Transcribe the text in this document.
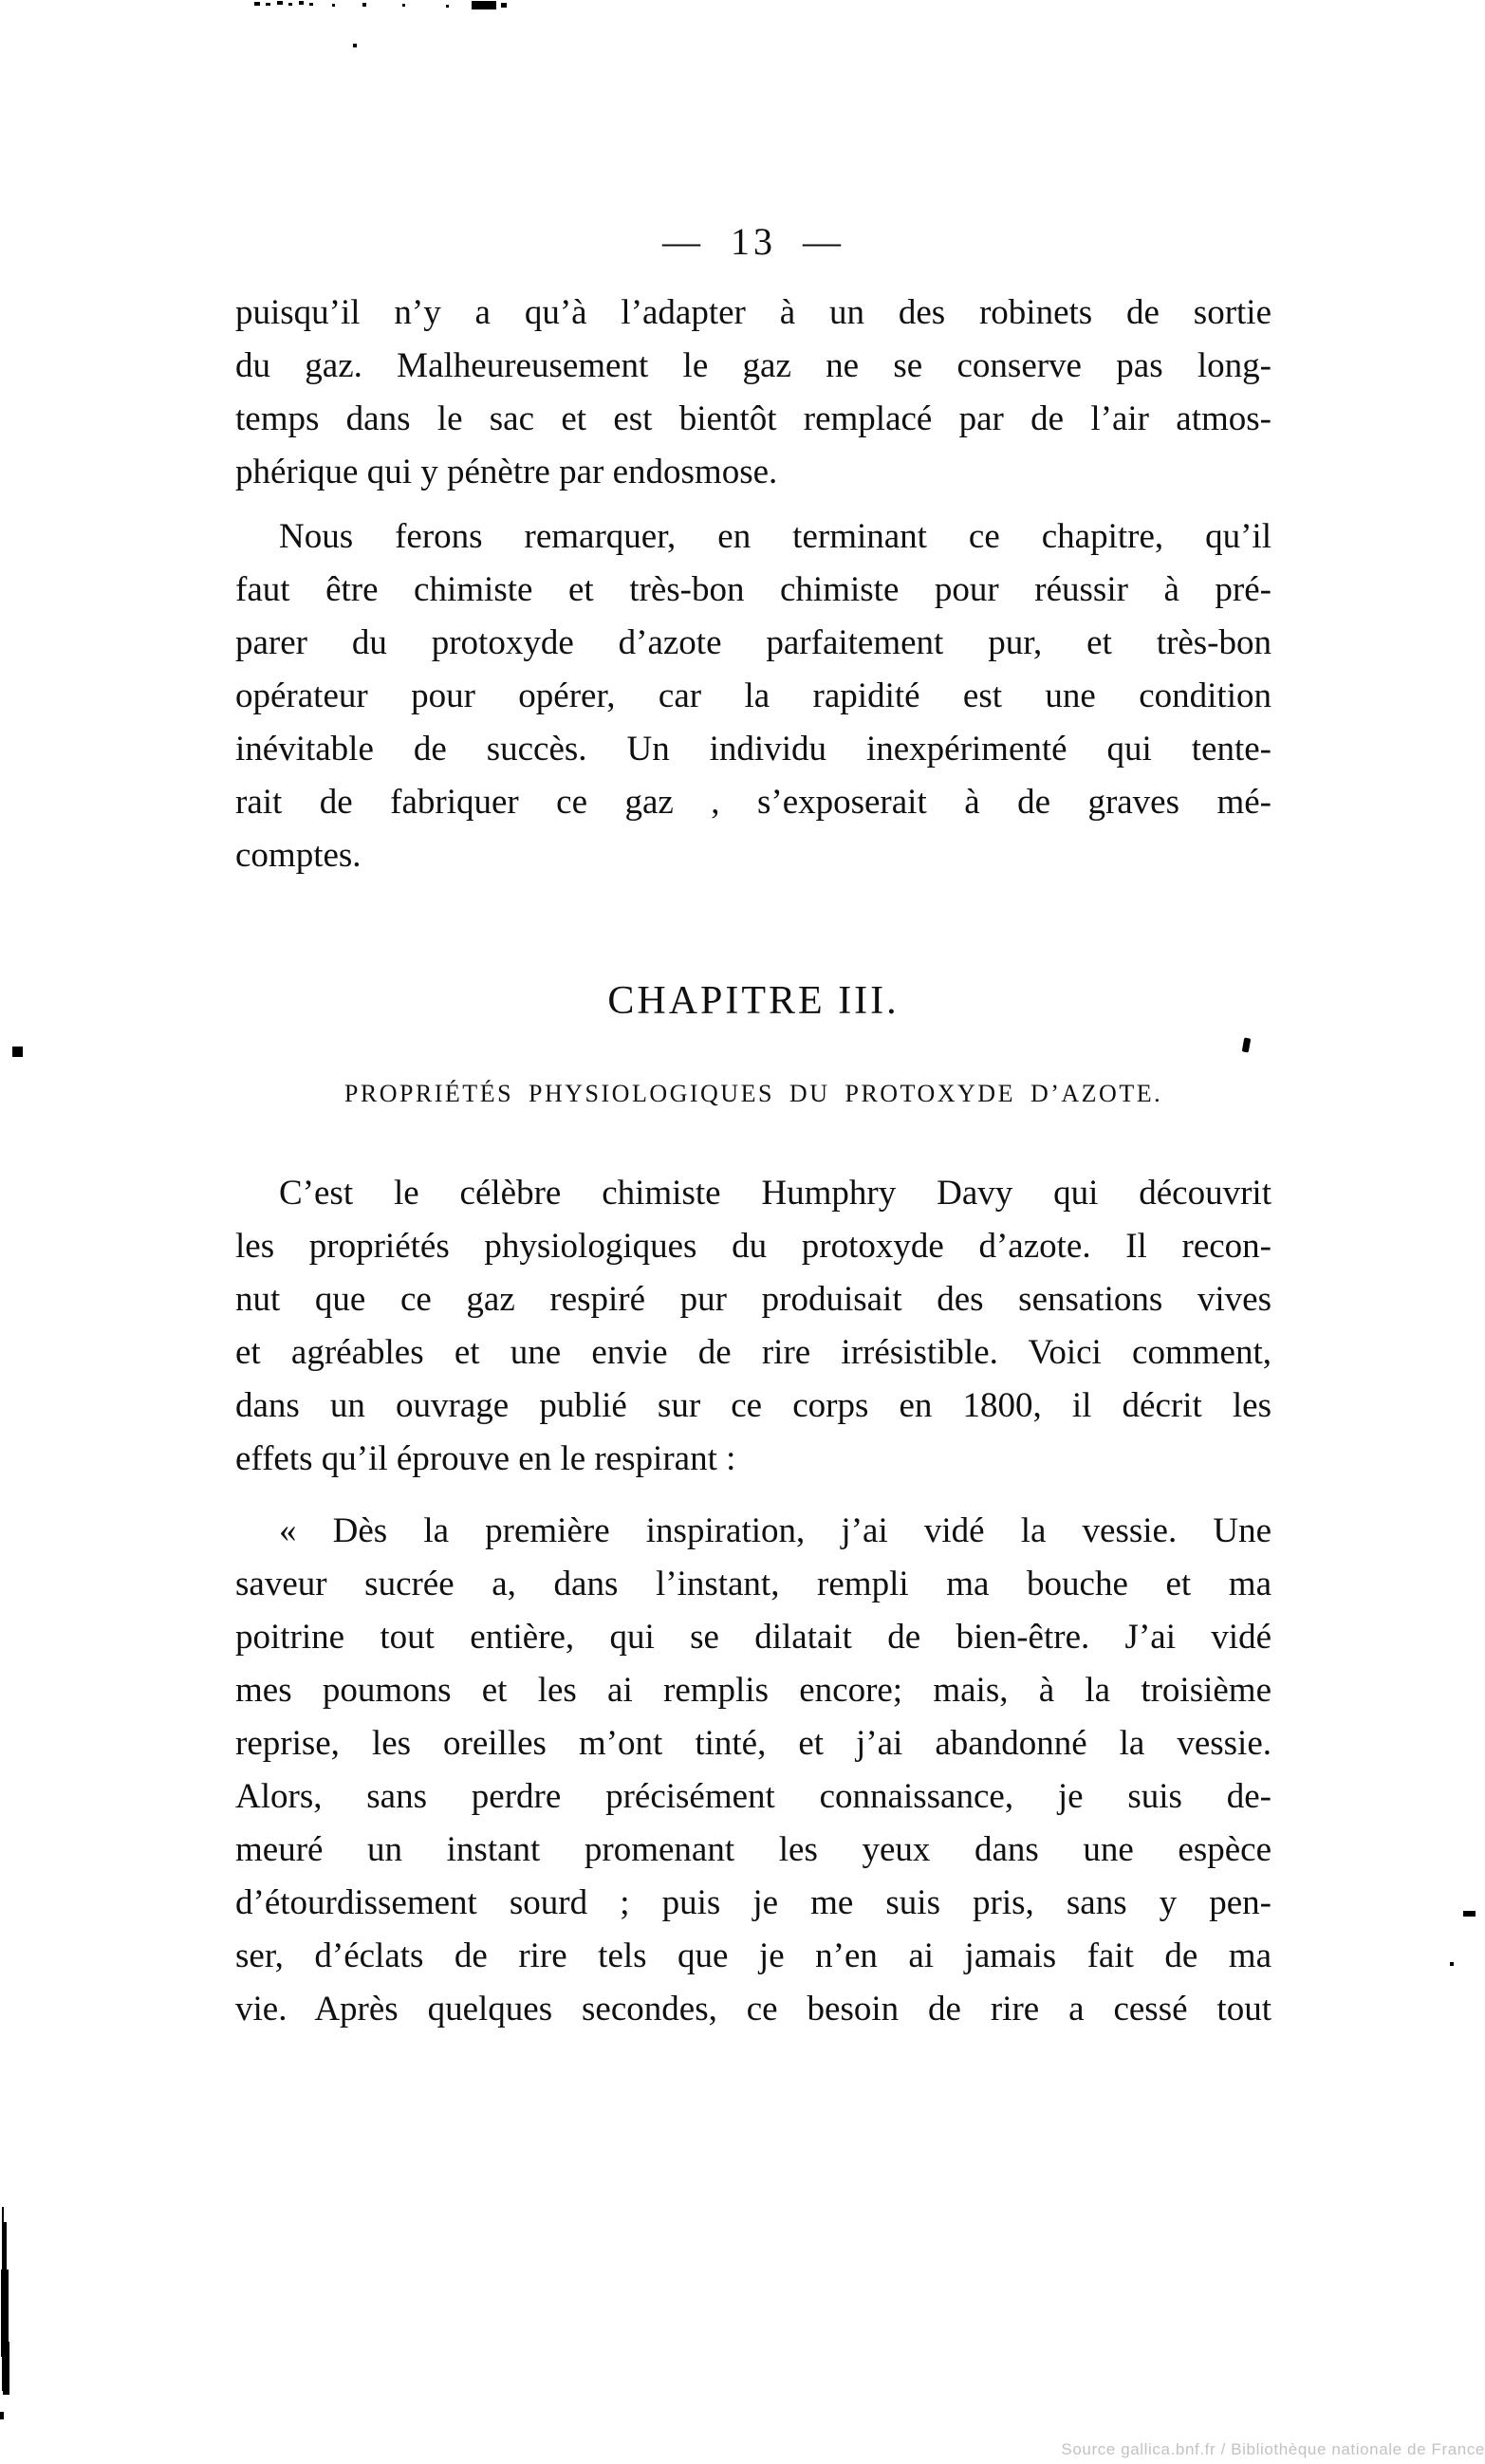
— 13 —
puisqu’il n’y a qu’à l’adapter à un des robinets de sortie
du gaz. Malheureusement le gaz ne se conserve pas long-
temps dans le sac et est bientôt remplacé par de l’air atmos-
phérique qui y pénètre par endosmose.
Nous ferons remarquer, en terminant ce chapitre, qu’il
faut être chimiste et très-bon chimiste pour réussir à pré-
parer du protoxyde d’azote parfaitement pur, et très-bon
opérateur pour opérer, car la rapidité est une condition
inévitable de succès. Un individu inexpérimenté qui tente-
rait de fabriquer ce gaz , s’exposerait à de graves mé-
comptes.
CHAPITRE III.
PROPRIÉTÉS PHYSIOLOGIQUES DU PROTOXYDE D’AZOTE.
C’est le célèbre chimiste Humphry Davy qui découvrit
les propriétés physiologiques du protoxyde d’azote. Il recon-
nut que ce gaz respiré pur produisait des sensations vives
et agréables et une envie de rire irrésistible. Voici comment,
dans un ouvrage publié sur ce corps en 1800, il décrit les
effets qu’il éprouve en le respirant :
« Dès la première inspiration, j’ai vidé la vessie. Une
saveur sucrée a, dans l’instant, rempli ma bouche et ma
poitrine tout entière, qui se dilatait de bien-être. J’ai vidé
mes poumons et les ai remplis encore; mais, à la troisième
reprise, les oreilles m’ont tinté, et j’ai abandonné la vessie.
Alors, sans perdre précisément connaissance, je suis de-
meuré un instant promenant les yeux dans une espèce
d’étourdissement sourd ; puis je me suis pris, sans y pen-
ser, d’éclats de rire tels que je n’en ai jamais fait de ma
vie. Après quelques secondes, ce besoin de rire a cessé tout
Source gallica.bnf.fr / Bibliothèque nationale de France
